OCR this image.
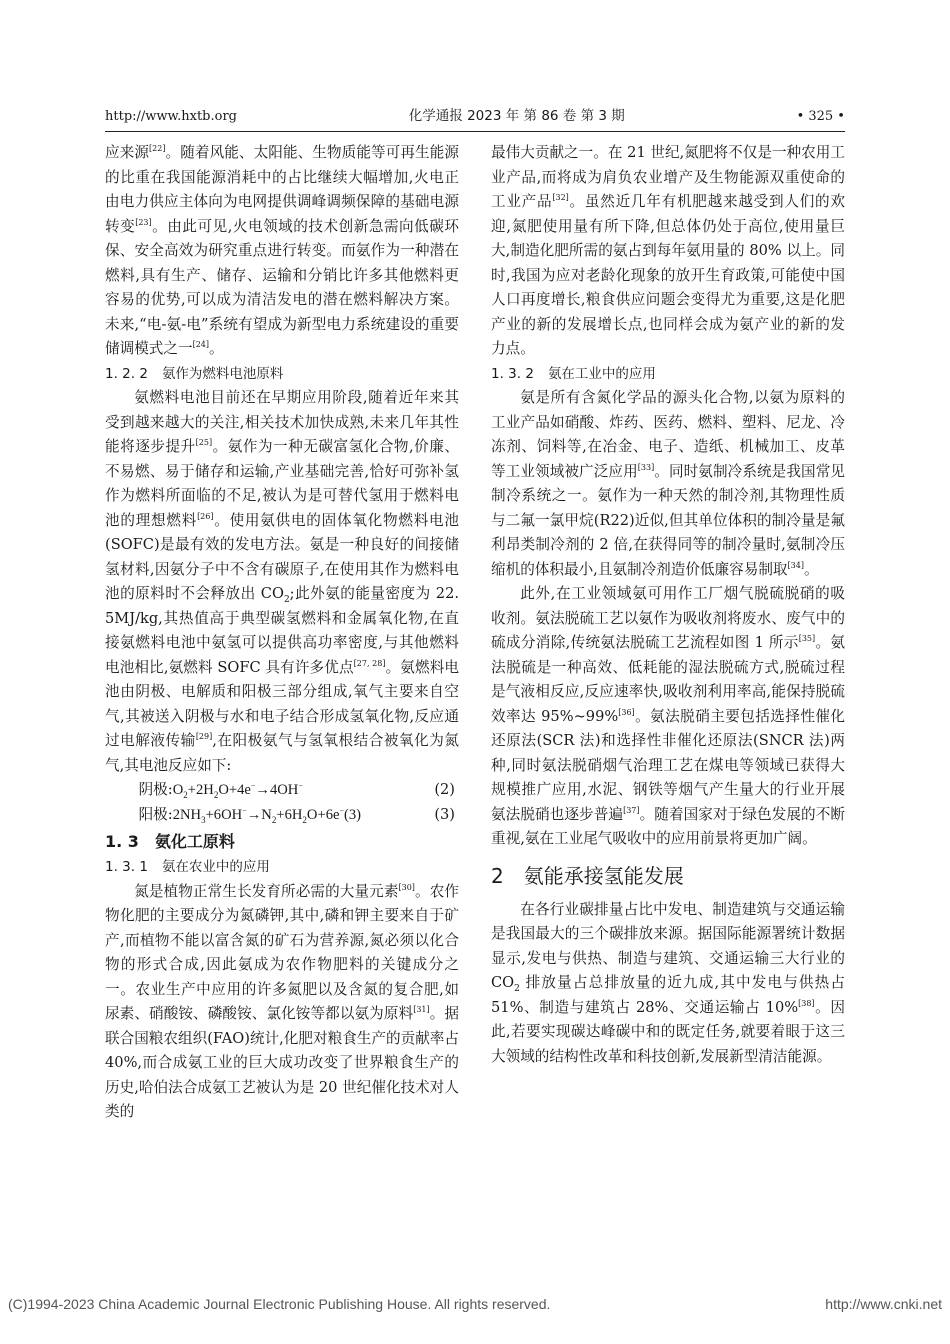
http://www.hxtb.org	化学通报 2023 年 第 86 卷 第 3 期	• 325 •

应来源[22]。随着风能、太阳能、生物质能等可再生能源的比重在我国能源消耗中的占比继续大幅增加,火电正由电力供应主体向为电网提供调峰调频保障的基础电源转变[23]。由此可见,火电领域的技术创新急需向低碳环保、安全高效为研究重点进行转变。而氨作为一种潜在燃料,具有生产、储存、运输和分销比许多其他燃料更容易的优势,可以成为清洁发电的潜在燃料解决方案。未来,“电-氨-电”系统有望成为新型电力系统建设的重要储调模式之一[24]。

1. 2. 2 氨作为燃料电池原料

氨燃料电池目前还在早期应用阶段,随着近年来其受到越来越大的关注,相关技术加快成熟,未来几年其性能将逐步提升[25]。氨作为一种无碳富氢化合物,价廉、不易燃、易于储存和运输,产业基础完善,恰好可弥补氢作为燃料所面临的不足,被认为是可替代氢用于燃料电池的理想燃料[26]。使用氨供电的固体氧化物燃料电池(SOFC)是最有效的发电方法。氨是一种良好的间接储氢材料,因氨分子中不含有碳原子,在使用其作为燃料电池的原料时不会释放出 $CO_2$;此外氨的能量密度为 22. 5MJ/kg,其热值高于典型碳氢燃料和金属氧化物,在直接氨燃料电池中氨氢可以提供高功率密度,与其他燃料电池相比,氨燃料 SOFC 具有许多优点[27, 28]。氨燃料电池由阴极、电解质和阳极三部分组成,氧气主要来自空气,其被送入阴极与水和电子结合形成氢氧化物,反应通过电解液传输[29],在阳极氨气与氢氧根结合被氧化为氮气,其电池反应如下:

阴极$:O_2+2H_2O+4e^-\to 4OH^-$	(2)
阳极$:2NH_3+6OH^-\to N_2+6H_2O+6e^-(3)$	(3)
1. 3 氨化工原料
1. 3. 1 氨在农业中的应用

氮是植物正常生长发育所必需的大量元素[30]。农作物化肥的主要成分为氮磷钾,其中,磷和钾主要来自于矿产,而植物不能以富含氮的矿石为营养源,氮必须以化合物的形式合成,因此氨成为农作物肥料的关键成分之一。农业生产中应用的许多氮肥以及含氮的复合肥,如尿素、硝酸铵、磷酸铵、氯化铵等都以氨为原料[31]。据联合国粮农组织(FAO)统计,化肥对粮食生产的贡献率占 40%,而合成氨工业的巨大成功改变了世界粮食生产的历史,哈伯法合成氨工艺被认为是 20 世纪催化技术对人类的

最伟大贡献之一。在 21 世纪,氮肥将不仅是一种农用工业产品,而将成为肩负农业增产及生物能源双重使命的工业产品[32]。虽然近几年有机肥越来越受到人们的欢迎,氮肥使用量有所下降,但总体仍处于高位,使用量巨大,制造化肥所需的氨占到每年氨用量的 80% 以上。同时,我国为应对老龄化现象的放开生育政策,可能使中国人口再度增长,粮食供应问题会变得尤为重要,这是化肥产业的新的发展增长点,也同样会成为氨产业的新的发力点。

1. 3. 2 氨在工业中的应用

氨是所有含氮化学品的源头化合物,以氨为原料的工业产品如硝酸、炸药、医药、燃料、塑料、尼龙、冷冻剂、饲料等,在冶金、电子、造纸、机械加工、皮革等工业领域被广泛应用[33]。同时氨制冷系统是我国常见制冷系统之一。氨作为一种天然的制冷剂,其物理性质与二氟一氯甲烷(R22)近似,但其单位体积的制冷量是氟利昂类制冷剂的 2 倍,在获得同等的制冷量时,氨制冷压缩机的体积最小,且氨制冷剂造价低廉容易制取[34]。

此外,在工业领域氨可用作工厂烟气脱硫脱硝的吸收剂。氨法脱硫工艺以氨作为吸收剂将废水、废气中的硫成分消除,传统氨法脱硫工艺流程如图 1 所示[35]。氨法脱硫是一种高效、低耗能的湿法脱硫方式,脱硫过程是气液相反应,反应速率快,吸收剂利用率高,能保持脱硫效率达 95%~99%[36]。氨法脱硝主要包括选择性催化还原法(SCR 法)和选择性非催化还原法(SNCR 法)两种,同时氨法脱硝烟气治理工艺在煤电等领域已获得大规模推广应用,水泥、钢铁等烟气产生量大的行业开展氨法脱硝也逐步普遍[37]。随着国家对于绿色发展的不断重视,氨在工业尾气吸收中的应用前景将更加广阔。

2 氨能承接氢能发展

在各行业碳排量占比中发电、制造建筑与交通运输是我国最大的三个碳排放来源。据国际能源署统计数据显示,发电与供热、制造与建筑、交通运输三大行业的 $CO_2$ 排放量占总排放量的近九成,其中发电与供热占 51%、制造与建筑占 28%、交通运输占 10%[38]。因此,若要实现碳达峰碳中和的既定任务,就要着眼于这三大领域的结构性改革和科技创新,发展新型清洁能源。

(C)1994-2023 China Academic Journal Electronic Publishing House. All rights reserved.	http://www.cnki.net
